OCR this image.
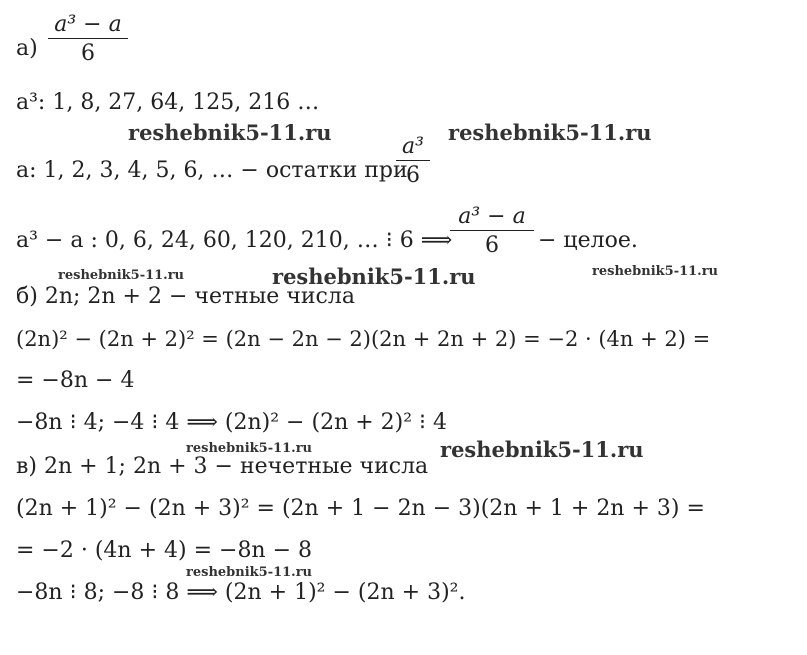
$а) \frac{\text{a³ − a}}{6}$
a³: 1, 8, 27, 64, 125, 216 …
a: 1, 2, 3, 4, 5, 6, … − остатки при
$\frac{\text{a³}}{6}$
a³ − a : 0, 6, 24, 60, 120, 210, … ⁝ 6 ⟹
$\frac{\text{a³ − a}}{6}$ − целое.
б) 2n; 2n + 2 − четные числа
(2n)² − (2n + 2)² = (2n − 2n − 2)(2n + 2n + 2) = −2 · (4n + 2) =
= −8n − 4
−8n ⁝ 4; −4 ⁝ 4 ⟹ (2n)² − (2n + 2)² ⁝ 4
в) 2n + 1; 2n + 3 − нечетные числа
(2n + 1)² − (2n + 3)² = (2n + 1 − 2n − 3)(2n + 1 + 2n + 3) =
= −2 · (4n + 4) = −8n − 8
−8n ⁝ 8; −8 ⁝ 8 ⟹ (2n + 1)² − (2n + 3)².
reshebnik5-11.ru	reshebnik5-11.ru
reshebnik5-11.ru	reshebnik5-11.ru	reshebnik5-11.ru
reshebnik5-11.ru	reshebnik5-11.ru
reshebnik5-11.ru
